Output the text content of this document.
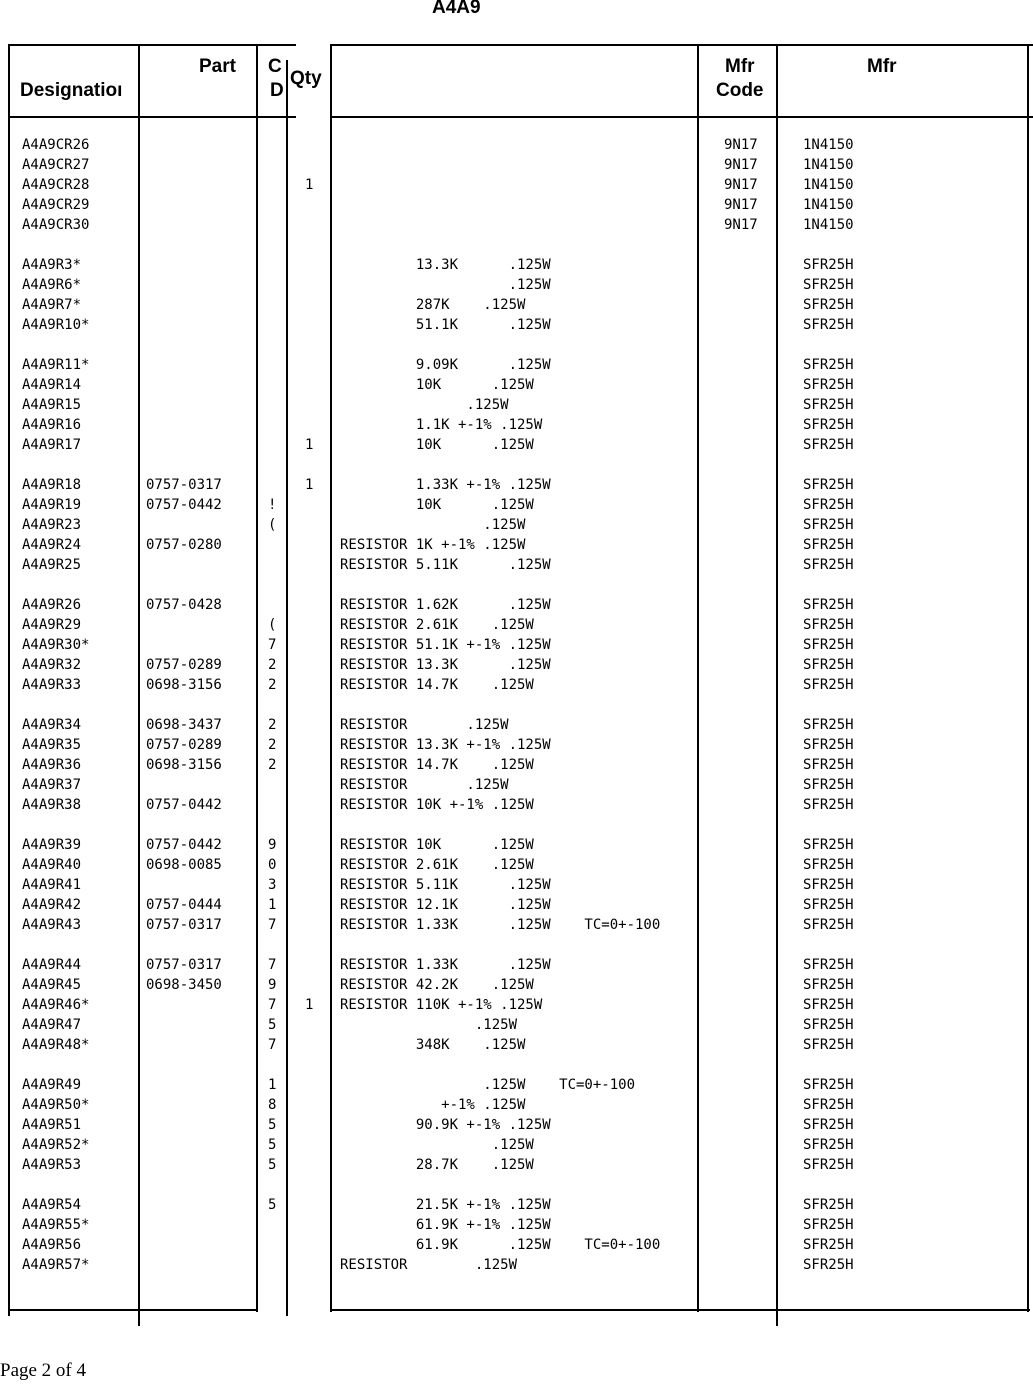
A4A9
Designatioı
Part C
D
Qty
Mfr
Code
Mfr
A4A9CR26
A4A9CR27
A4A9CR28
A4A9CR29
A4A9CR30
A4A9R3*
A4A9R6*
A4A9R7*
A4A9R10*
A4A9R11*
A4A9R14
A4A9R15
A4A9R16
A4A9R17
A4A9R18
A4A9R19
A4A9R23
A4A9R24
A4A9R25
A4A9R26
A4A9R29
A4A9R30*
A4A9R32
A4A9R33
A4A9R34
A4A9R35
A4A9R36
A4A9R37
A4A9R38
A4A9R39
A4A9R40
A4A9R41
A4A9R42
A4A9R43
A4A9R44
A4A9R45
A4A9R46*
A4A9R47
A4A9R48*
A4A9R49
A4A9R50*
A4A9R51
A4A9R52*
A4A9R53
A4A9R54
A4A9R55*
A4A9R56
A4A9R57*
0757-0317
0757-0442
0757-0280
0757-0428
0757-0289
0698-3156
0698-3437
0757-0289
0698-3156
0757-0442
0757-0442
0698-0085
0757-0444
0757-0317
0757-0317
0698-3450
!
(
(
7
2
2
2
2
2
9
0
3
1
7
7
9
7
5
7
1
8
5
5
5
5
1
1
1
1
13.3K      .125W
.125W
287K    .125W
51.1K      .125W
9.09K      .125W
10K      .125W
.125W
1.1K +-1% .125W
10K      .125W
1.33K +-1% .125W
10K      .125W
.125W
RESISTOR 1K +-1% .125W
RESISTOR 5.11K      .125W
RESISTOR 1.62K      .125W
RESISTOR 2.61K    .125W
RESISTOR 51.1K +-1% .125W
RESISTOR 13.3K      .125W
RESISTOR 14.7K    .125W
RESISTOR       .125W
RESISTOR 13.3K +-1% .125W
RESISTOR 14.7K    .125W
RESISTOR       .125W
RESISTOR 10K +-1% .125W
RESISTOR 10K      .125W
RESISTOR 2.61K    .125W
RESISTOR 5.11K      .125W
RESISTOR 12.1K      .125W
RESISTOR 1.33K      .125W    TC=0+-100
RESISTOR 1.33K      .125W
RESISTOR 42.2K    .125W
RESISTOR 110K +-1% .125W
.125W
348K    .125W
.125W    TC=0+-100
+-1% .125W
90.9K +-1% .125W
.125W
28.7K    .125W
21.5K +-1% .125W
61.9K +-1% .125W
61.9K      .125W    TC=0+-100
RESISTOR        .125W
9N17
9N17
9N17
9N17
9N17
1N4150
1N4150
1N4150
1N4150
1N4150
SFR25H
SFR25H
SFR25H
SFR25H
SFR25H
SFR25H
SFR25H
SFR25H
SFR25H
SFR25H
SFR25H
SFR25H
SFR25H
SFR25H
SFR25H
SFR25H
SFR25H
SFR25H
SFR25H
SFR25H
SFR25H
SFR25H
SFR25H
SFR25H
SFR25H
SFR25H
SFR25H
SFR25H
SFR25H
SFR25H
SFR25H
SFR25H
SFR25H
SFR25H
SFR25H
SFR25H
SFR25H
SFR25H
SFR25H
SFR25H
SFR25H
SFR25H
SFR25H
Page 2 of 4
